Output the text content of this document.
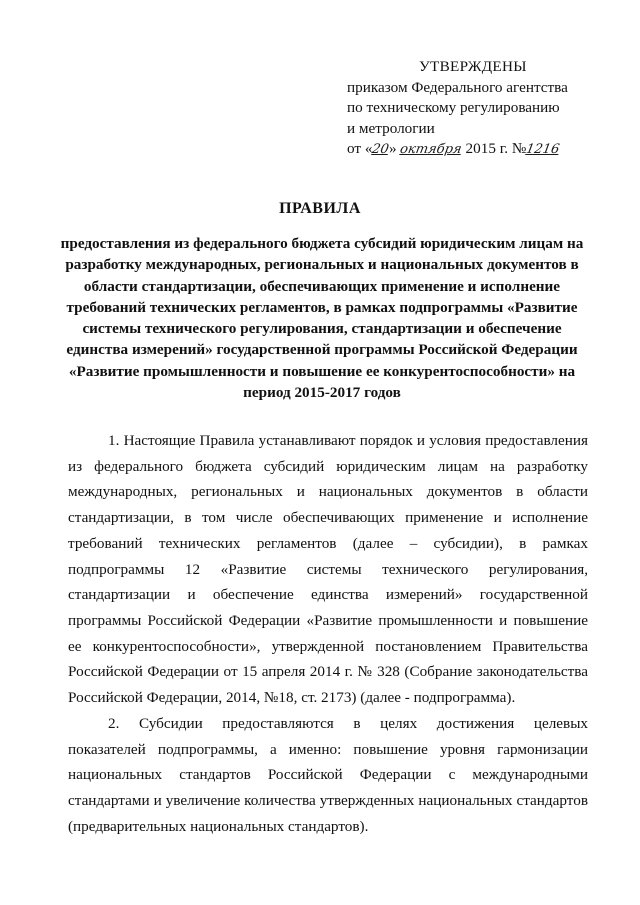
УТВЕРЖДЕНЫ
приказом Федерального агентства
по техническому регулированию
и метрологии
от «20» октября 2015 г. №1216
ПРАВИЛА
предоставления из федерального бюджета субсидий юридическим лицам на
разработку международных, региональных и национальных документов в
области стандартизации, обеспечивающих применение и исполнение
требований технических регламентов, в рамках подпрограммы «Развитие
системы технического регулирования, стандартизации и обеспечение
единства измерений» государственной программы Российской Федерации
«Развитие промышленности и повышение ее конкурентоспособности» на
период 2015-2017 годов
1. Настоящие Правила устанавливают порядок и условия предоставления
из федерального бюджета субсидий юридическим лицам на разработку
международных, региональных и национальных документов в области
стандартизации, в том числе обеспечивающих применение и исполнение
требований технических регламентов (далее – субсидии), в рамках
подпрограммы 12 «Развитие системы технического регулирования,
стандартизации и обеспечение единства измерений» государственной
программы Российской Федерации «Развитие промышленности и повышение
ее конкурентоспособности», утвержденной постановлением Правительства
Российской Федерации от 15 апреля 2014 г. № 328 (Собрание законодательства
Российской Федерации, 2014, №18, ст. 2173) (далее - подпрограмма).
2. Субсидии предоставляются в целях достижения целевых
показателей подпрограммы, а именно: повышение уровня гармонизации
национальных стандартов Российской Федерации с международными
стандартами и увеличение количества утвержденных национальных стандартов
(предварительных национальных стандартов).
